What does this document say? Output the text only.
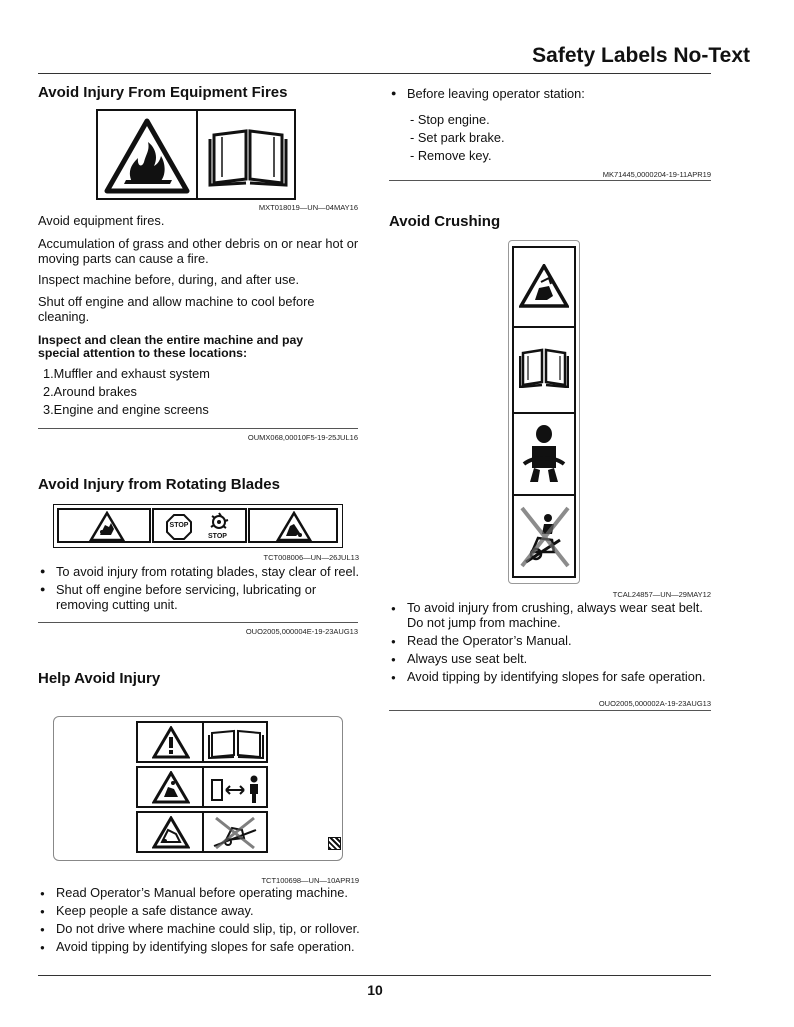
Safety Labels No-Text
Avoid Injury From Equipment Fires
MXT018019—UN—04MAY16

Avoid equipment fires.

Accumulation of grass and other debris on or near hot or moving parts can cause a fire.

Inspect machine before, during, and after use.

Shut off engine and allow machine to cool before cleaning.

Inspect and clean the entire machine and pay special attention to these locations:

1.Muffler and exhaust system

2.Around brakes

3.Engine and engine screens

OUMX068,00010F5-19-25JUL16
Avoid Injury from Rotating Blades
STOP
STOP
TCT008006—UN—26JUL13

● To avoid injury from rotating blades, stay clear of reel.

● Shut off engine before servicing, lubricating or removing cutting unit.

OUO2005,000004E-19-23AUG13
Help Avoid Injury
TCT100698—UN—10APR19
● Read Operator’s Manual before operating machine.
● Keep people a safe distance away.
● Do not drive where machine could slip, tip, or rollover.
● Avoid tipping by identifying slopes for safe operation.

● Before leaving operator station:

- Stop engine.

- Set park brake.

- Remove key.

MK71445,0000204-19-11APR19
Avoid Crushing
TCAL24857—UN—29MAY12
● To avoid injury from crushing, always wear seat belt. Do not jump from machine.
● Read the Operator’s Manual.
● Always use seat belt.
● Avoid tipping by identifying slopes for safe operation.
OUO2005,000002A-19-23AUG13
10
